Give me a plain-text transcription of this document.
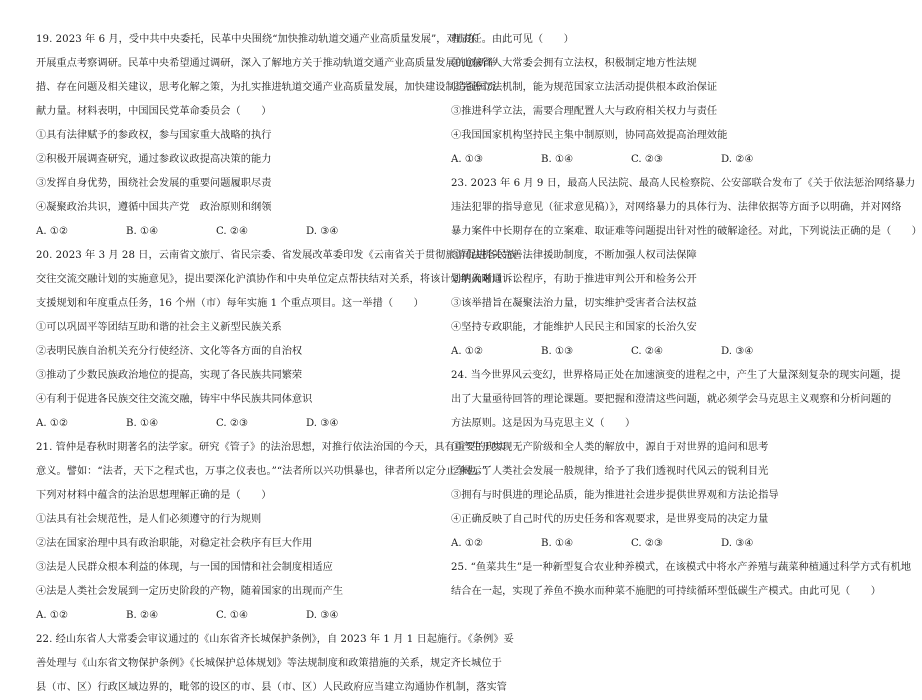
19. 2023 年 6 月，受中共中央委托，民革中央围绕“加快推动轨道交通产业高质量发展”，对山东
开展重点考察调研。民革中央希望通过调研，深入了解地方关于推动轨道交通产业高质量发展的创新举
措、存在问题及相关建议，思考化解之策，为扎实推进轨道交通产业高质量发展，加快建设制造强国贡
献力量。材料表明，中国国民党革命委员会（　　）
①具有法律赋予的参政权，参与国家重大战略的执行
②积极开展调查研究，通过参政议政提高决策的能力
③发挥自身优势，围绕社会发展的重要问题履职尽责
④凝聚政治共识，遵循中国共产党　政治原则和纲领
A. ①②	B. ①④	C. ②④	D. ③④
20. 2023 年 3 月 28 日，云南省文旅厅、省民宗委、省发展改革委印发《云南省关于贯彻旅游促进各民族
交往交流交融计划的实施意见》，提出要深化沪滇协作和中央单位定点帮扶结对关系，将该计划纳入对口
支援规划和年度重点任务，16 个州（市）每年实施 1 个重点项目。这一举措（　　）
①可以巩固平等团结互助和谐的社会主义新型民族关系
②表明民族自治机关充分行使经济、文化等各方面的自治权
③推动了少数民族政治地位的提高，实现了各民族共同繁荣
④有利于促进各民族交往交流交融，铸牢中华民族共同体意识
A. ①②	B. ①④	C. ②③	D. ③④
21. 管仲是春秋时期著名的法学家。研究《管子》的法治思想，对推行依法治国的今天，具有重要的现实
意义。譬如：“法者，天下之程式也，万事之仪表也。”“法者所以兴功惧暴也，律者所以定分止争也。”
下列对材料中蕴含的法治思想理解正确的是（　　）
①法具有社会规范性，是人们必须遵守的行为规则
②法在国家治理中具有政治职能，对稳定社会秩序有巨大作用
③法是人民群众根本利益的体现，与一国的国情和社会制度相适应
④法是人类社会发展到一定历史阶段的产物，随着国家的出现而产生
A. ①②	B. ②④	C. ①④	D. ③④
22. 经山东省人大常委会审议通过的《山东省齐长城保护条例》，自 2023 年 1 月 1 日起施行。《条例》妥
善处理与《山东省文物保护条例》《长城保护总体规划》等法规制度和政策措施的关系，规定齐长城位于
县（市、区）行政区域边界的，毗邻的设区的市、县（市、区）人民政府应当建立沟通协作机制，落实管
理责任。由此可见（　　）
①山东省人大常委会拥有立法权，积极制定地方性法规
②完善立法机制，能为规范国家立法活动提供根本政治保证
③推进科学立法，需要合理配置人大与政府相关权力与责任
④我国国家机构坚持民主集中制原则，协同高效提高治理效能
A. ①③	B. ①④	C. ②③	D. ②④
23. 2023 年 6 月 9 日，最高人民法院、最高人民检察院、公安部联合发布了《关于依法惩治网络暴力
违法犯罪的指导意见（征求意见稿）》，对网络暴力的具体行为、法律依据等方面予以明确，并对网络
暴力案件中长期存在的立案难、取证难等问题提出针对性的破解途径。对此，下列说法正确的是（　　）
①司法机关完善法律援助制度，不断加强人权司法保障
②明确晰通诉讼程序，有助于推进审判公开和检务公开
③该举措旨在凝聚法治力量，切实维护受害者合法权益
④坚持专政职能，才能维护人民民主和国家的长治久安
A. ①②	B. ①③	C. ②④	D. ③④
24. 当今世界风云变幻，世界格局正处在加速演变的进程之中，产生了大量深刻复杂的现实问题，提
出了大量亟待回答的理论课题。要把握和澄清这些问题，就必须学会马克思主义观察和分析问题的
方法原则。这是因为马克思主义（　　）
①产生于实现无产阶级和全人类的解放中，源自于对世界的追问和思考
②揭示了人类社会发展一般规律，给予了我们透视时代风云的锐利目光
③拥有与时俱进的理论品质，能为推进社会进步提供世界观和方法论指导
④正确反映了自己时代的历史任务和客观要求，是世界变局的决定力量
A. ①②	B. ①④	C. ②③	D. ③④
25. “鱼菜共生”是一种新型复合农业种养模式，在该模式中将水产养殖与蔬菜种植通过科学方式有机地
结合在一起，实现了养鱼不换水而种菜不施肥的可持续循环型低碳生产模式。由此可见（　　）
